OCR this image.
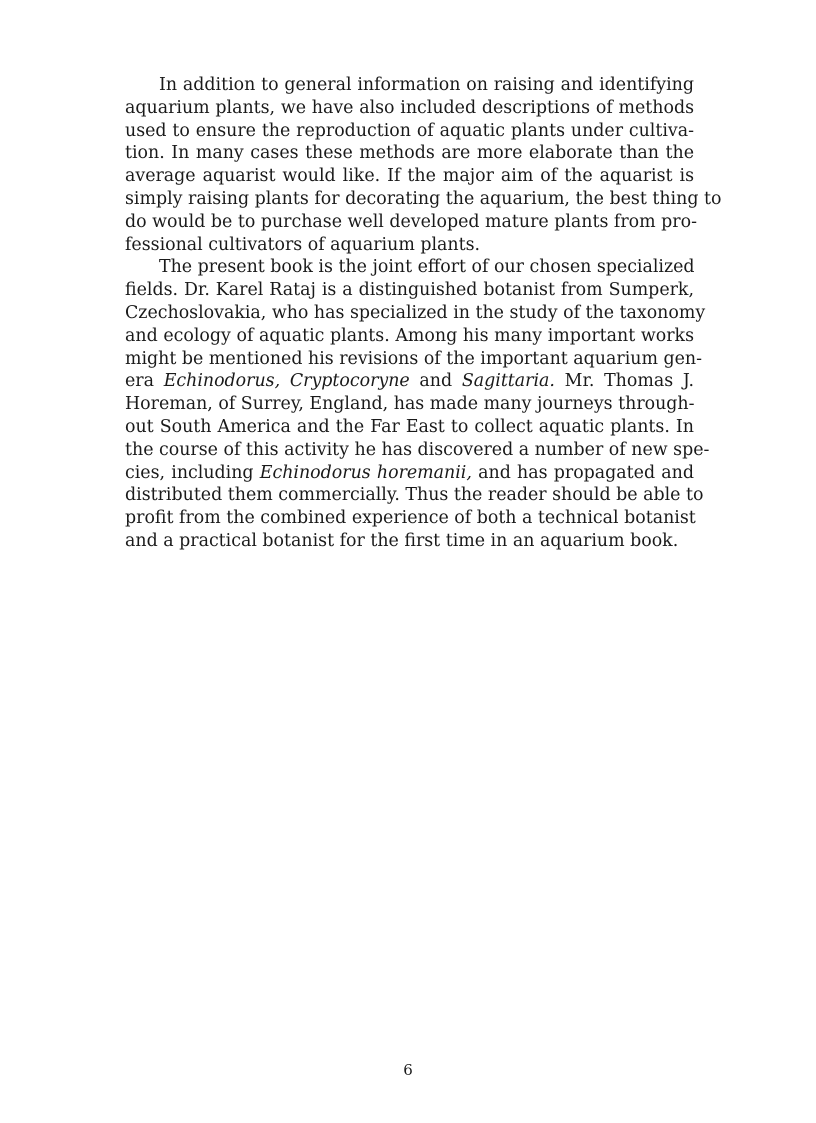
In addition to general information on raising and identifying
aquarium plants, we have also included descriptions of methods
used to ensure the reproduction of aquatic plants under cultiva-
tion. In many cases these methods are more elaborate than the
average aquarist would like. If the major aim of the aquarist is
simply raising plants for decorating the aquarium, the best thing to
do would be to purchase well developed mature plants from pro-
fessional cultivators of aquarium plants.
The present book is the joint effort of our chosen specialized
fields. Dr. Karel Rataj is a distinguished botanist from Sumperk,
Czechoslovakia, who has specialized in the study of the taxonomy
and ecology of aquatic plants. Among his many important works
might be mentioned his revisions of the important aquarium gen-
era Echinodorus, Cryptocoryne and Sagittaria. Mr. Thomas J.
Horeman, of Surrey, England, has made many journeys through-
out South America and the Far East to collect aquatic plants. In
the course of this activity he has discovered a number of new spe-
cies, including Echinodorus horemanii, and has propagated and
distributed them commercially. Thus the reader should be able to
profit from the combined experience of both a technical botanist
and a practical botanist for the first time in an aquarium book.
6
